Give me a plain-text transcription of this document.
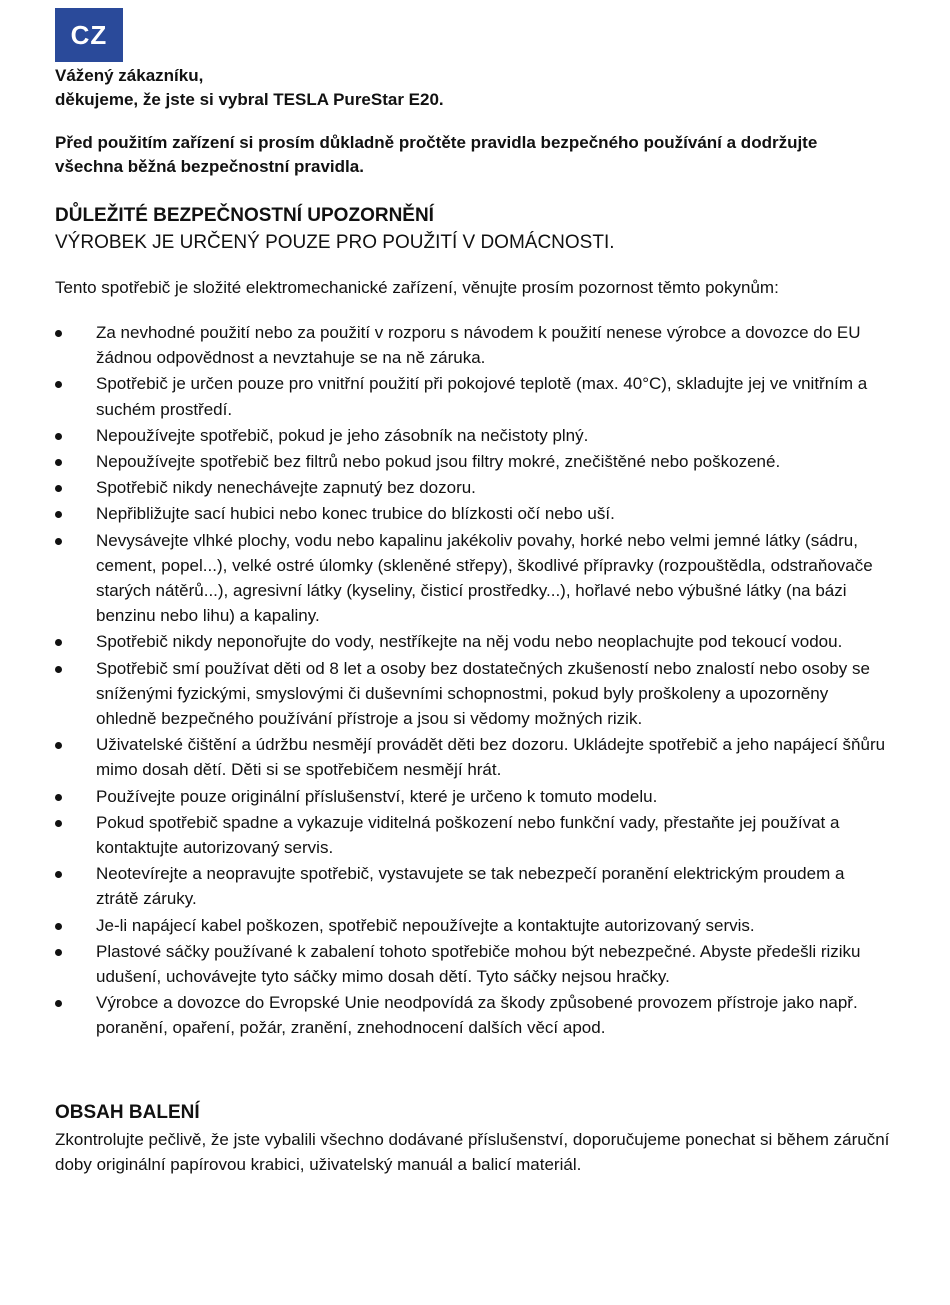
CZ
Vážený zákazníku,
děkujeme, že jste si vybral TESLA PureStar E20.
Před použitím zařízení si prosím důkladně pročtěte pravidla bezpečného používání a dodržujte všechna běžná bezpečnostní pravidla.
DŮLEŽITÉ BEZPEČNOSTNÍ UPOZORNĚNÍ
VÝROBEK JE URČENÝ POUZE PRO POUŽITÍ V DOMÁCNOSTI.
Tento spotřebič je složité elektromechanické zařízení, věnujte prosím pozornost těmto pokynům:
Za nevhodné použití nebo za použití v rozporu s návodem k použití nenese výrobce a dovozce do EU žádnou odpovědnost a nevztahuje se na ně záruka.
Spotřebič je určen pouze pro vnitřní použití při pokojové teplotě (max. 40°C), skladujte jej ve vnitřním a suchém prostředí.
Nepoužívejte spotřebič, pokud je jeho zásobník na nečistoty plný.
Nepoužívejte spotřebič bez filtrů nebo pokud jsou filtry mokré, znečištěné nebo poškozené.
Spotřebič nikdy nenechávejte zapnutý bez dozoru.
Nepřibližujte sací hubici nebo konec trubice do blízkosti očí nebo uší.
Nevysávejte vlhké plochy, vodu nebo kapalinu jakékoliv povahy, horké nebo velmi jemné látky (sádru, cement, popel...), velké ostré úlomky (skleněné střepy), škodlivé přípravky (rozpouštědla, odstraňovače starých nátěrů...), agresivní látky (kyseliny, čisticí prostředky...), hořlavé nebo výbušné látky (na bázi benzinu nebo lihu) a kapaliny.
Spotřebič nikdy neponořujte do vody, nestříkejte na něj vodu nebo neoplachujte pod tekoucí vodou.
Spotřebič smí používat děti od 8 let a osoby bez dostatečných zkušeností nebo znalostí nebo osoby se sníženými fyzickými, smyslovými či duševními schopnostmi, pokud byly proškoleny a upozorněny ohledně bezpečného používání přístroje a jsou si vědomy možných rizik.
Uživatelské čištění a údržbu nesmějí provádět děti bez dozoru. Ukládejte spotřebič a jeho napájecí šňůru mimo dosah dětí. Děti si se spotřebičem nesmějí hrát.
Používejte pouze originální příslušenství, které je určeno k tomuto modelu.
Pokud spotřebič spadne a vykazuje viditelná poškození nebo funkční vady, přestaňte jej používat a kontaktujte autorizovaný servis.
Neotevírejte a neopravujte spotřebič, vystavujete se tak nebezpečí poranění elektrickým proudem a ztrátě záruky.
Je-li napájecí kabel poškozen, spotřebič nepoužívejte a kontaktujte autorizovaný servis.
Plastové sáčky používané k zabalení tohoto spotřebiče mohou být nebezpečné. Abyste předešli riziku udušení, uchovávejte tyto sáčky mimo dosah dětí. Tyto sáčky nejsou hračky.
Výrobce a dovozce do Evropské Unie neodpovídá za škody způsobené provozem přístroje jako např. poranění, opaření, požár, zranění, znehodnocení dalších věcí apod.
OBSAH BALENÍ
Zkontrolujte pečlivě, že jste vybalili všechno dodávané příslušenství, doporučujeme ponechat si během záruční doby originální papírovou krabici, uživatelský manuál a balicí materiál.
